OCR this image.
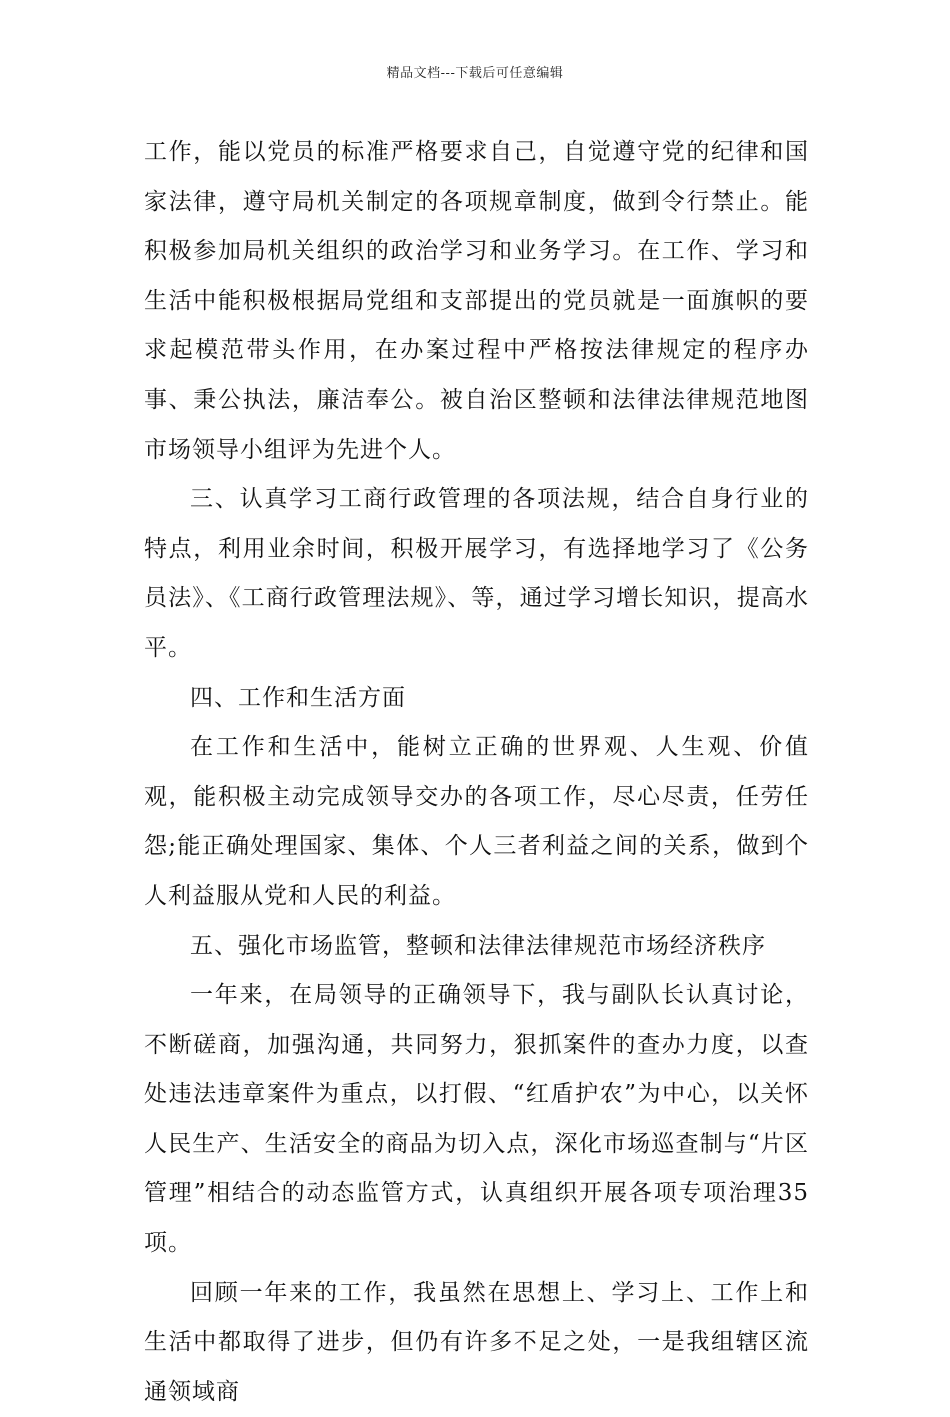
精品文档---下载后可任意编辑

工作，能以党员的标准严格要求自己，自觉遵守党的纪律和国家法律，遵守局机关制定的各项规章制度，做到令行禁止。能积极参加局机关组织的政治学习和业务学习。在工作、学习和生活中能积极根据局党组和支部提出的党员就是一面旗帜的要求起模范带头作用，在办案过程中严格按法律规定的程序办事、秉公执法，廉洁奉公。被自治区整顿和法律法律规范地图市场领导小组评为先进个人。

三、认真学习工商行政管理的各项法规，结合自身行业的特点，利用业余时间，积极开展学习，有选择地学习了《公务员法》、《工商行政管理法规》、等，通过学习增长知识，提高水平。

四、工作和生活方面

在工作和生活中，能树立正确的世界观、人生观、价值观，能积极主动完成领导交办的各项工作，尽心尽责，任劳任怨;能正确处理国家、集体、个人三者利益之间的关系，做到个人利益服从党和人民的利益。

五、强化市场监管，整顿和法律法律规范市场经济秩序

一年来，在局领导的正确领导下，我与副队长认真讨论，不断磋商，加强沟通，共同努力，狠抓案件的查办力度，以查处违法违章案件为重点，以打假、“红盾护农”为中心，以关怀人民生产、生活安全的商品为切入点，深化市场巡查制与“片区管理”相结合的动态监管方式，认真组织开展各项专项治理35项。

回顾一年来的工作，我虽然在思想上、学习上、工作上和生活中都取得了进步，但仍有许多不足之处，一是我组辖区流通领域商
